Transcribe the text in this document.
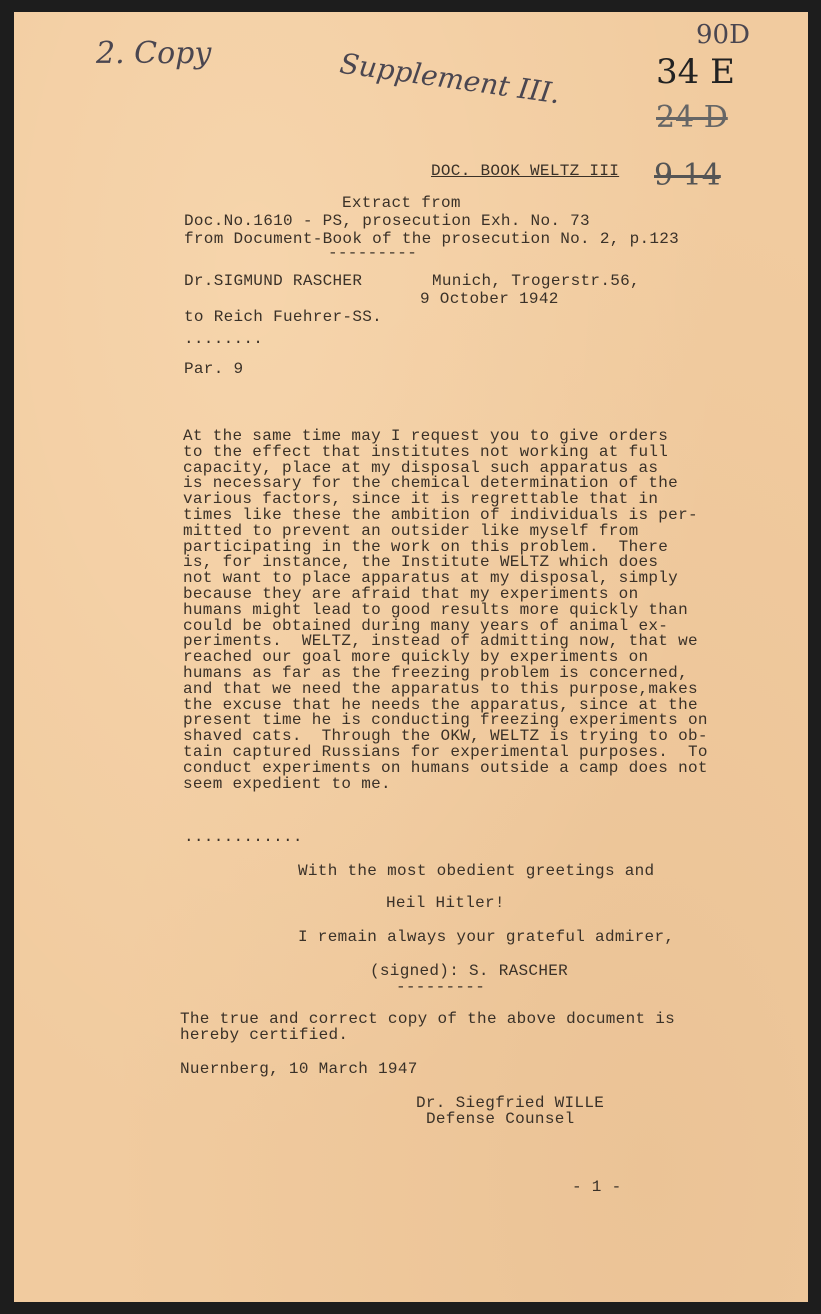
2. Copy	Supplement III.
90D
34 E
24 D
9 14
DOC. BOOK WELTZ III
Extract from
Doc.No.1610 - PS, prosecution Exh. No. 73
from Document-Book of the prosecution No. 2, p.123
---------
Dr.SIGMUND RASCHER	Munich, Trogerstr.56,
9 October 1942
to Reich Fuehrer-SS.
........
Par. 9
At the same time may I request you to give orders
to the effect that institutes not working at full
capacity, place at my disposal such apparatus as
is necessary for the chemical determination of the
various factors, since it is regrettable that in
times like these the ambition of individuals is per-
mitted to prevent an outsider like myself from
participating in the work on this problem.  There
is, for instance, the Institute WELTZ which does
not want to place apparatus at my disposal, simply
because they are afraid that my experiments on
humans might lead to good results more quickly than
could be obtained during many years of animal ex-
periments.  WELTZ, instead of admitting now, that we
reached our goal more quickly by experiments on
humans as far as the freezing problem is concerned,
and that we need the apparatus to this purpose,makes
the excuse that he needs the apparatus, since at the
present time he is conducting freezing experiments on
shaved cats.  Through the OKW, WELTZ is trying to ob-
tain captured Russians for experimental purposes.  To
conduct experiments on humans outside a camp does not
seem expedient to me.
............
With the most obedient greetings and
Heil Hitler!
I remain always your grateful admirer,
(signed): S. RASCHER
---------
The true and correct copy of the above document is
hereby certified.
Nuernberg, 10 March 1947
Dr. Siegfried WILLE
Defense Counsel
- 1 -
